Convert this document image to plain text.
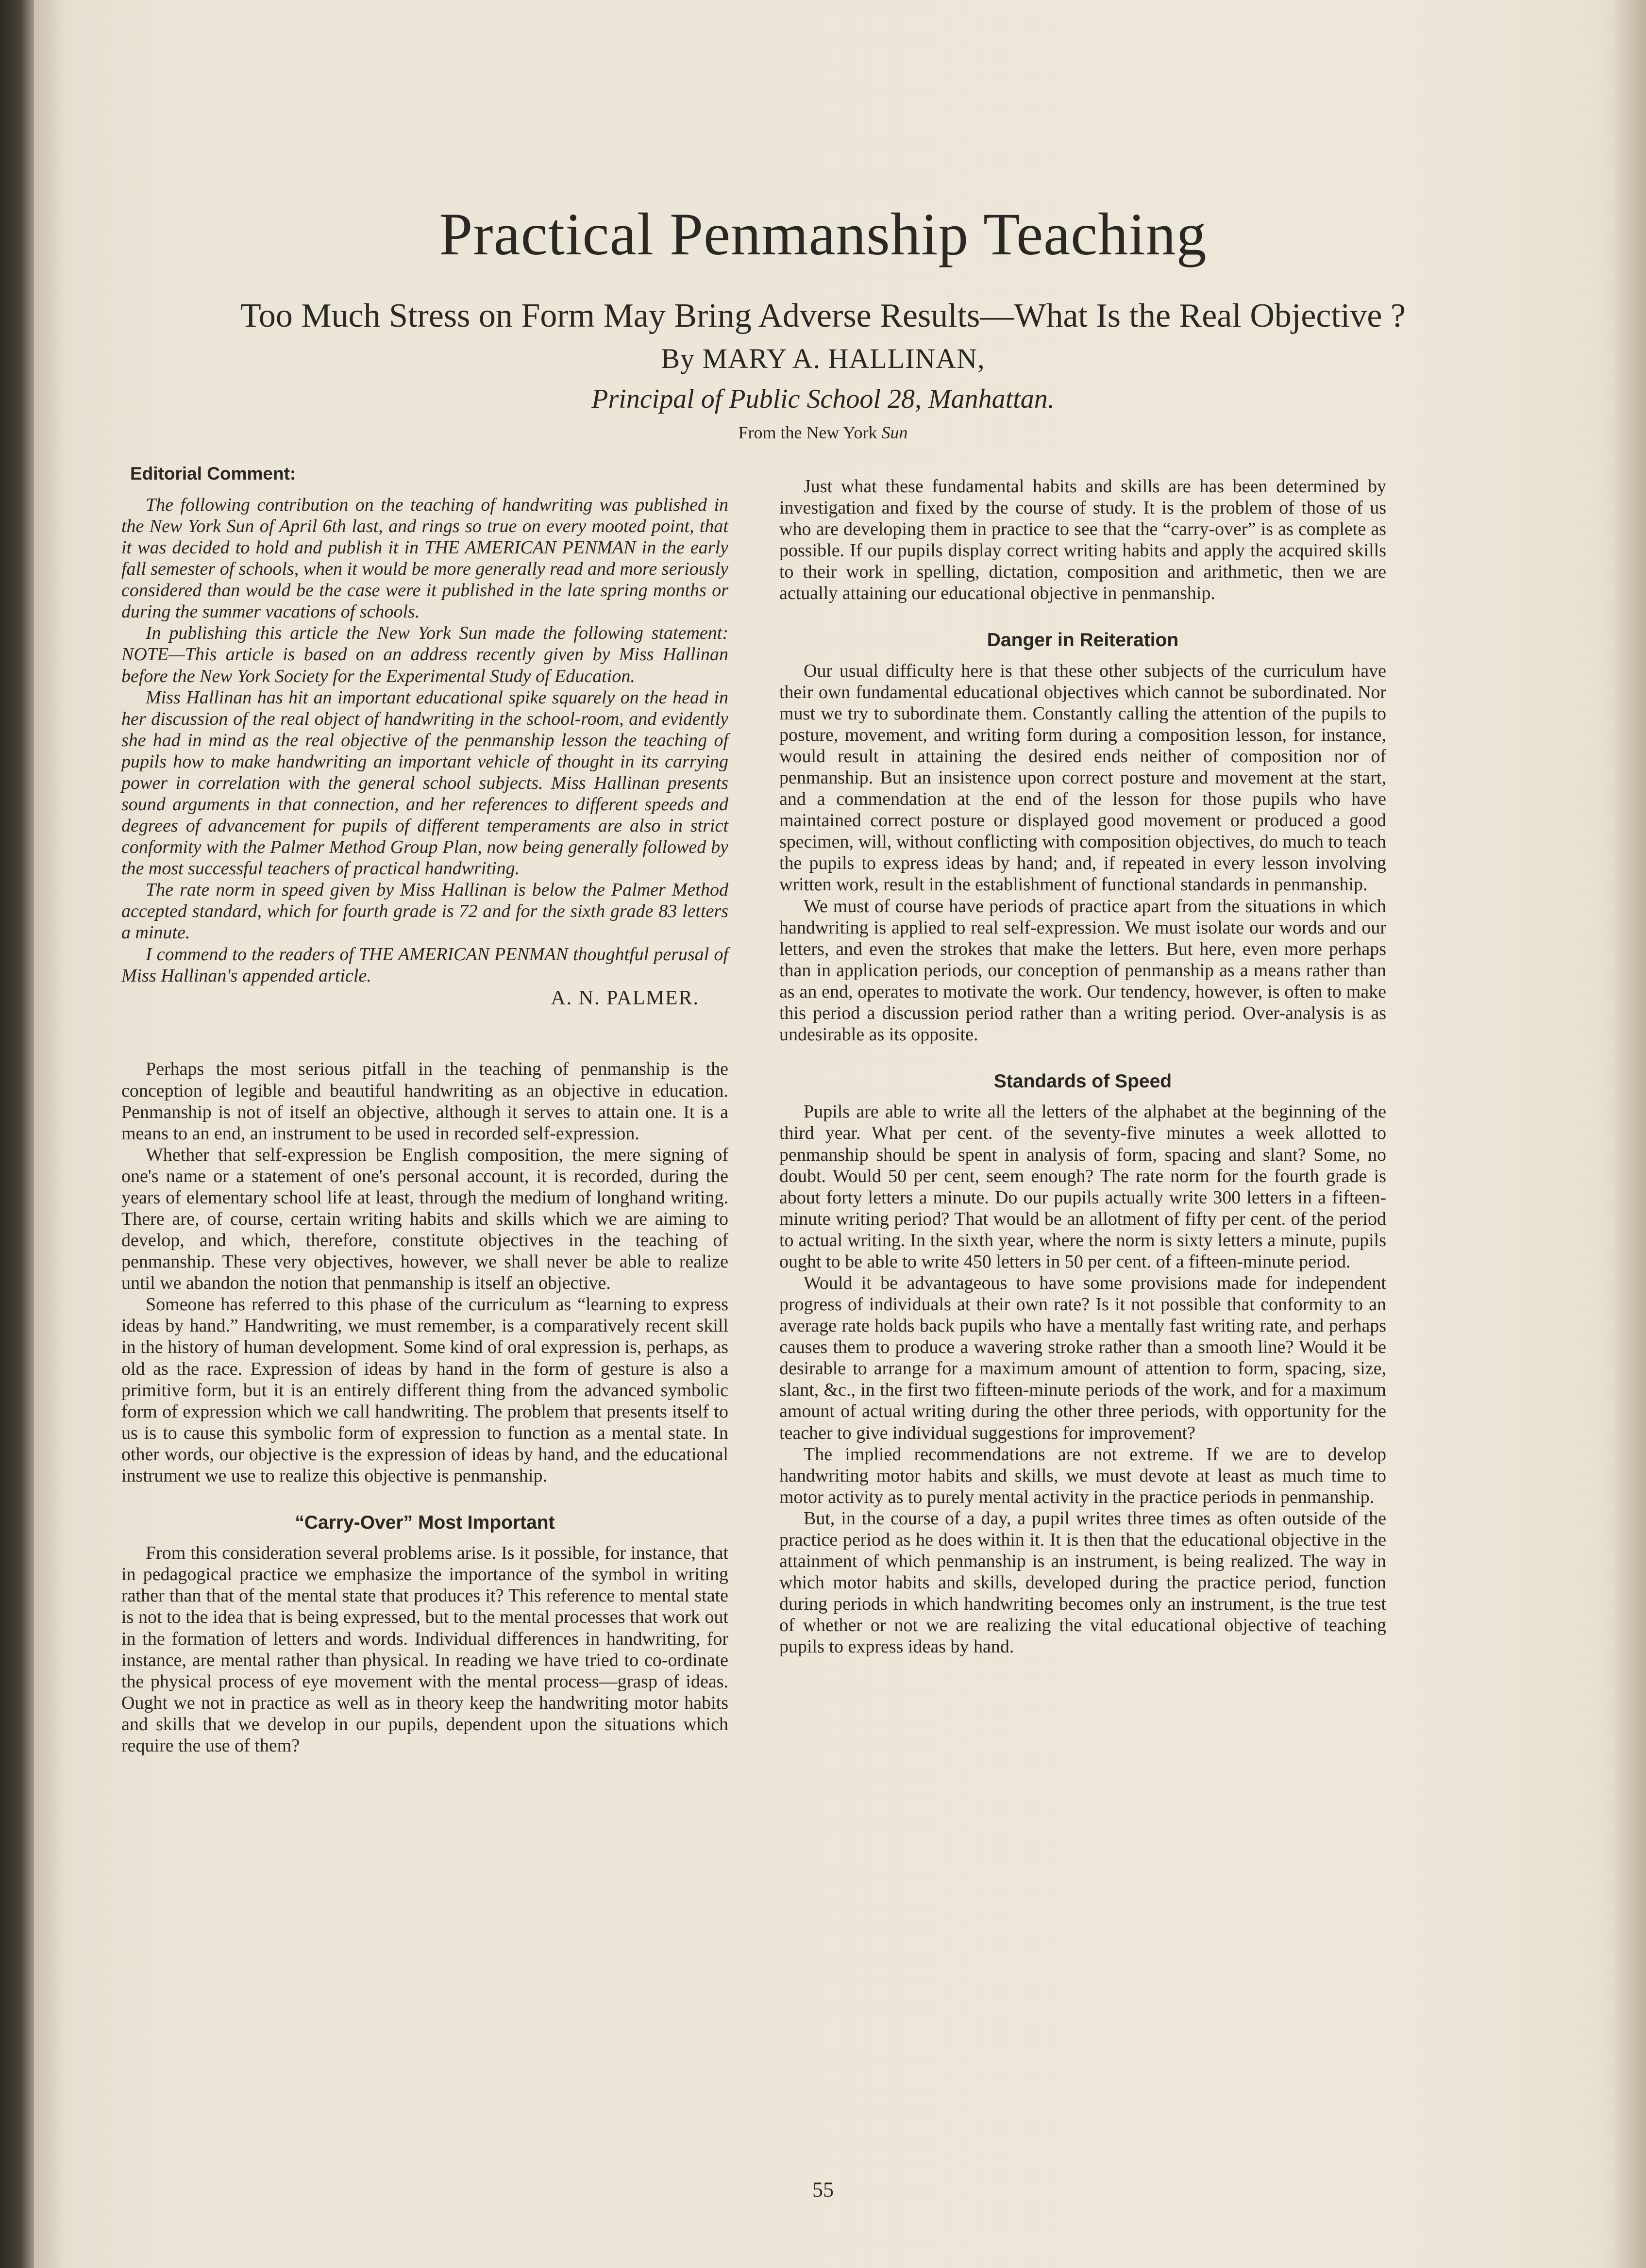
Practical Penmanship Teaching
Too Much Stress on Form May Bring Adverse Results—What Is the Real Objective ?
By MARY A. HALLINAN,
Principal of Public School 28, Manhattan.
From the New York Sun
Editorial Comment:

The following contribution on the teaching of handwriting was published in the New York Sun of April 6th last, and rings so true on every mooted point, that it was decided to hold and publish it in THE AMERICAN PENMAN in the early fall semester of schools, when it would be more generally read and more seriously considered than would be the case were it published in the late spring months or during the summer vacations of schools.

In publishing this article the New York Sun made the following statement: NOTE—This article is based on an address recently given by Miss Hallinan before the New York Society for the Experimental Study of Education.

Miss Hallinan has hit an important educational spike squarely on the head in her discussion of the real object of handwriting in the school-room, and evidently she had in mind as the real objective of the penmanship lesson the teaching of pupils how to make handwriting an important vehicle of thought in its carrying power in correlation with the general school subjects. Miss Hallinan presents sound arguments in that connection, and her references to different speeds and degrees of advancement for pupils of different temperaments are also in strict conformity with the Palmer Method Group Plan, now being generally followed by the most successful teachers of practical handwriting.

The rate norm in speed given by Miss Hallinan is below the Palmer Method accepted standard, which for fourth grade is 72 and for the sixth grade 83 letters a minute.

I commend to the readers of THE AMERICAN PENMAN thoughtful perusal of Miss Hallinan's appended article.

A. N. PALMER.

Perhaps the most serious pitfall in the teaching of penmanship is the conception of legible and beautiful handwriting as an objective in education. Penmanship is not of itself an objective, although it serves to attain one. It is a means to an end, an instrument to be used in recorded self-expression.

Whether that self-expression be English composition, the mere signing of one's name or a statement of one's personal account, it is recorded, during the years of elementary school life at least, through the medium of longhand writing. There are, of course, certain writing habits and skills which we are aiming to develop, and which, therefore, constitute objectives in the teaching of penmanship. These very objectives, however, we shall never be able to realize until we abandon the notion that penmanship is itself an objective.

Someone has referred to this phase of the curriculum as “learning to express ideas by hand.” Handwriting, we must remember, is a comparatively recent skill in the history of human development. Some kind of oral expression is, perhaps, as old as the race. Expression of ideas by hand in the form of gesture is also a primitive form, but it is an entirely different thing from the advanced symbolic form of expression which we call handwriting. The problem that presents itself to us is to cause this symbolic form of expression to function as a mental state. In other words, our objective is the expression of ideas by hand, and the educational instrument we use to realize this objective is penmanship.

“Carry-Over” Most Important

From this consideration several problems arise. Is it possible, for instance, that in pedagogical practice we emphasize the importance of the symbol in writing rather than that of the mental state that produces it? This reference to mental state is not to the idea that is being expressed, but to the mental processes that work out in the formation of letters and words. Individual differences in handwriting, for instance, are mental rather than physical. In reading we have tried to co-ordinate the physical process of eye movement with the mental process—grasp of ideas. Ought we not in practice as well as in theory keep the handwriting motor habits and skills that we develop in our pupils, dependent upon the situations which require the use of them?

Just what these fundamental habits and skills are has been determined by investigation and fixed by the course of study. It is the problem of those of us who are developing them in practice to see that the “carry-over” is as complete as possible. If our pupils display correct writing habits and apply the acquired skills to their work in spelling, dictation, composition and arithmetic, then we are actually attaining our educational objective in penmanship.

Danger in Reiteration

Our usual difficulty here is that these other subjects of the curriculum have their own fundamental educational objectives which cannot be subordinated. Nor must we try to subordinate them. Constantly calling the attention of the pupils to posture, movement, and writing form during a composition lesson, for instance, would result in attaining the desired ends neither of composition nor of penmanship. But an insistence upon correct posture and movement at the start, and a commendation at the end of the lesson for those pupils who have maintained correct posture or displayed good movement or produced a good specimen, will, without conflicting with composition objectives, do much to teach the pupils to express ideas by hand; and, if repeated in every lesson involving written work, result in the establishment of functional standards in penmanship.

We must of course have periods of practice apart from the situations in which handwriting is applied to real self-expression. We must isolate our words and our letters, and even the strokes that make the letters. But here, even more perhaps than in application periods, our conception of penmanship as a means rather than as an end, operates to motivate the work. Our tendency, however, is often to make this period a discussion period rather than a writing period. Over-analysis is as undesirable as its opposite.

Standards of Speed

Pupils are able to write all the letters of the alphabet at the beginning of the third year. What per cent. of the seventy-five minutes a week allotted to penmanship should be spent in analysis of form, spacing and slant? Some, no doubt. Would 50 per cent, seem enough? The rate norm for the fourth grade is about forty letters a minute. Do our pupils actually write 300 letters in a fifteen-minute writing period? That would be an allotment of fifty per cent. of the period to actual writing. In the sixth year, where the norm is sixty letters a minute, pupils ought to be able to write 450 letters in 50 per cent. of a fifteen-minute period.

Would it be advantageous to have some provisions made for independent progress of individuals at their own rate? Is it not possible that conformity to an average rate holds back pupils who have a mentally fast writing rate, and perhaps causes them to produce a wavering stroke rather than a smooth line? Would it be desirable to arrange for a maximum amount of attention to form, spacing, size, slant, &c., in the first two fifteen-minute periods of the work, and for a maximum amount of actual writing during the other three periods, with opportunity for the teacher to give individual suggestions for improvement?

The implied recommendations are not extreme. If we are to develop handwriting motor habits and skills, we must devote at least as much time to motor activity as to purely mental activity in the practice periods in penmanship.

But, in the course of a day, a pupil writes three times as often outside of the practice period as he does within it. It is then that the educational objective in the attainment of which penmanship is an instrument, is being realized. The way in which motor habits and skills, developed during the practice period, function during periods in which handwriting becomes only an instrument, is the true test of whether or not we are realizing the vital educational objective of teaching pupils to express ideas by hand.

55
